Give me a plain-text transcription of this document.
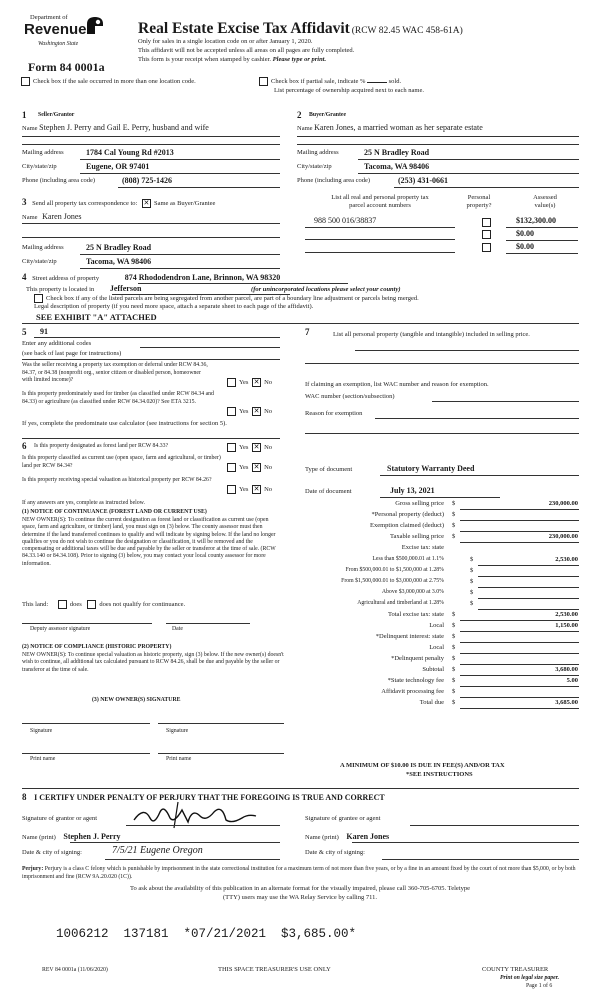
Department of
Revenue
Washington State
Form 84 0001a
Real Estate Excise Tax Affidavit (RCW 82.45 WAC 458-61A)
Only for sales in a single location code on or after January 1, 2020.
This affidavit will not be accepted unless all areas on all pages are fully completed.
This form is your receipt when stamped by cashier. Please type or print.
Check box if the sale occurred in more than one location code.	Check box if partial sale, indicate %	sold.
List percentage of ownership acquired next to each name.
1 Seller/Grantor
Name Stephen J. Perry and Gail E. Perry, husband and wife
Mailing address	1784 Cal Young Rd #2013
City/state/zip	Eugene, OR 97401
Phone (including area code)	(808) 725-1426
2 Buyer/Grantee
Name Karen Jones, a married woman as her separate estate
Mailing address	25 N Bradley Road
City/state/zip	Tacoma, WA 98406
Phone (including area code)	(253) 431-0661
3 Send all property tax correspondence to: ✕	Same as Buyer/Grantee
Name Karen Jones
Mailing address	25 N Bradley Road
City/state/zip	Tacoma, WA 98406
List all real and personal property tax
parcel account numbers
Personal
property?
Assessed
value(s)
988 500 016/38837	$132,300.00
$0.00
$0.00
4 Street address of property	874 Rhododendron Lane, Brinnon, WA 98320
This property is located in Jefferson	(for unincorporated locations please select your county)
Check box if any of the listed parcels are being segregated from another parcel, are part of a boundary line adjustment or parcels being merged.
Legal description of property (if you need more space, attach a separate sheet to each page of the affidavit).
SEE EXHIBIT "A" ATTACHED
5 91
Enter any additional codes
(see back of last page for instructions)
Was the seller receiving a property tax exemption or deferral under RCW 84.36, 84.37, or 84.38 (nonprofit org., senior citizen or disabled person, homeowner with limited income)?	Yes ✕ No
Is this property predominately used for timber (as classified under RCW 84.34 and 84.33) or agriculture (as classified under RCW 84.34.020)? See ETA 3215.
Yes ✕ No
If yes, complete the predominate use calculator (see instructions for section 5).
6 Is this property designated as forest land per RCW 84.33?	Yes ✕ No
Is this property classified as current use (open space, farm and agricultural, or timber) land per RCW 84.34?	Yes ✕ No
Is this property receiving special valuation as historical property per RCW 84.26?
Yes ✕ No
If any answers are yes, complete as instructed below.
(1) NOTICE OF CONTINUANCE (FOREST LAND OR CURRENT USE)
NEW OWNER(S): To continue the current designation as forest land or classification as current use (open space, farm and agriculture, or timber) land, you must sign on (3) below. The county assessor must then determine if the land transferred continues to qualify and will indicate by signing below. If the land no longer qualifies or you do not wish to continue the designation or classification, it will be removed and the compensating or additional taxes will be due and payable by the seller or transferor at the time of sale. (RCW 84.33.140 or 84.34.108). Prior to signing (3) below, you may contact your local county assessor for more information.
This land:	does	does not qualify for continuance.
Deputy assessor signature	Date
(2) NOTICE OF COMPLIANCE (HISTORIC PROPERTY)
NEW OWNER(S): To continue special valuation as historic property, sign (3) below. If the new owner(s) doesn't wish to continue, all additional tax calculated pursuant to RCW 84.26, shall be due and payable by the seller or transferor at the time of sale.
(3) NEW OWNER(S) SIGNATURE
Signature	Signature
Print name	Print name
7	List all personal property (tangible and intangible) included in selling price.
If claiming an exemption, list WAC number and reason for exemption.
WAC number (section/subsection)
Reason for exemption
Type of document	Statutory Warranty Deed
Date of document	July 13, 2021
Gross selling price $	230,000.00
*Personal property (deduct) $
Exemption claimed (deduct) $
Taxable selling price $	230,000.00
Excise tax: state
Less than $500,000.01 at 1.1%	$	2,530.00
From $500,000.01 to $1,500,000 at 1.28%	$
From $1,500,000.01 to $3,000,000 at 2.75%	$
Above $3,000,000 at 3.0%	$
Agricultural and timberland at 1.28%	$
Total excise tax: state $	2,530.00
Local $	1,150.00
*Delinquent interest: state $
Local $
*Delinquent penalty $
Subtotal $	3,680.00
*State technology fee $	5.00
Affidavit processing fee $
Total due $	3,685.00
A MINIMUM OF $10.00 IS DUE IN FEE(S) AND/OR TAX
*SEE INSTRUCTIONS
8 I CERTIFY UNDER PENALTY OF PERJURY THAT THE FOREGOING IS TRUE AND CORRECT
Signature of grantor or agent	Signature of grantee or agent
Name (print) Stephen J. Perry	Name (print) Karen Jones
Date & city of signing:	7/5/21 Eugene Oregon	Date & city of signing:
Perjury: Perjury is a class C felony which is punishable by imprisonment in the state correctional institution for a maximum term of not more than five years, or by a fine in an amount fixed by the court of not more than $5,000, or by both imprisonment and fine (RCW 9A.20.020 (1C)).
To ask about the availability of this publication in an alternate format for the visually impaired, please call 360-705-6705. Teletype
(TTY) users may use the WA Relay Service by calling 711.
1006212  137181  *07/21/2021  $3,685.00*
REV 84 0001a (11/06/2020)	THIS SPACE TREASURER'S USE ONLY	COUNTY TREASURER
Print on legal size paper.
Page 1 of 6
